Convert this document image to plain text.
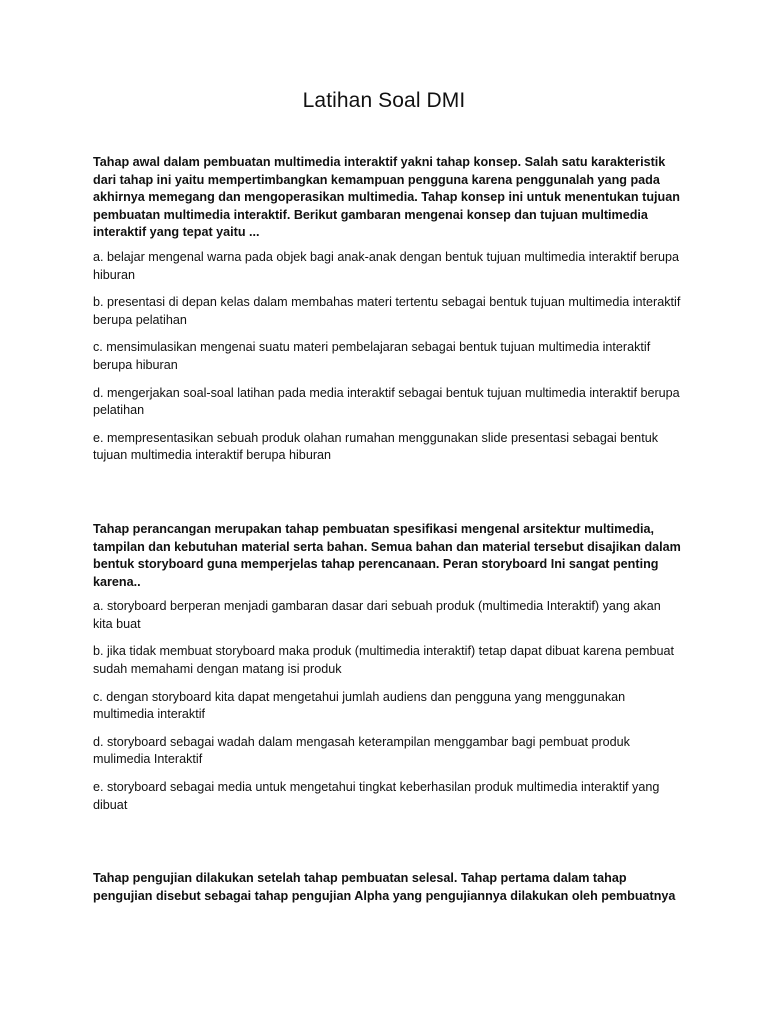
Latihan Soal DMI

Tahap awal dalam pembuatan multimedia interaktif yakni tahap konsep. Salah satu karakteristik dari tahap ini yaitu mempertimbangkan kemampuan pengguna karena penggunalah yang pada akhirnya memegang dan mengoperasikan multimedia. Tahap konsep ini untuk menentukan tujuan pembuatan multimedia interaktif. Berikut gambaran mengenai konsep dan tujuan multimedia interaktif yang tepat yaitu ...

a. belajar mengenal warna pada objek bagi anak-anak dengan bentuk tujuan multimedia interaktif berupa hiburan
b. presentasi di depan kelas dalam membahas materi tertentu sebagai bentuk tujuan multimedia interaktif berupa pelatihan
c. mensimulasikan mengenai suatu materi pembelajaran sebagai bentuk tujuan multimedia interaktif berupa hiburan
d. mengerjakan soal-soal latihan pada media interaktif sebagai bentuk tujuan multimedia interaktif berupa pelatihan
e. mempresentasikan sebuah produk olahan rumahan menggunakan slide presentasi sebagai bentuk tujuan multimedia interaktif berupa hiburan

Tahap perancangan merupakan tahap pembuatan spesifikasi mengenal arsitektur multimedia, tampilan dan kebutuhan material serta bahan. Semua bahan dan material tersebut disajikan dalam bentuk storyboard guna memperjelas tahap perencanaan. Peran storyboard Ini sangat penting karena..

a. storyboard berperan menjadi gambaran dasar dari sebuah produk (multimedia Interaktif) yang akan kita buat
b. jika tidak membuat storyboard maka produk (multimedia interaktif) tetap dapat dibuat karena pembuat sudah memahami dengan matang isi produk
c. dengan storyboard kita dapat mengetahui jumlah audiens dan pengguna yang menggunakan multimedia interaktif
d. storyboard sebagai wadah dalam mengasah keterampilan menggambar bagi pembuat produk mulimedia Interaktif
e. storyboard sebagai media untuk mengetahui tingkat keberhasilan produk multimedia interaktif yang dibuat

Tahap pengujian dilakukan setelah tahap pembuatan selesal. Tahap pertama dalam tahap pengujian disebut sebagai tahap pengujian Alpha yang pengujiannya dilakukan oleh pembuatnya
